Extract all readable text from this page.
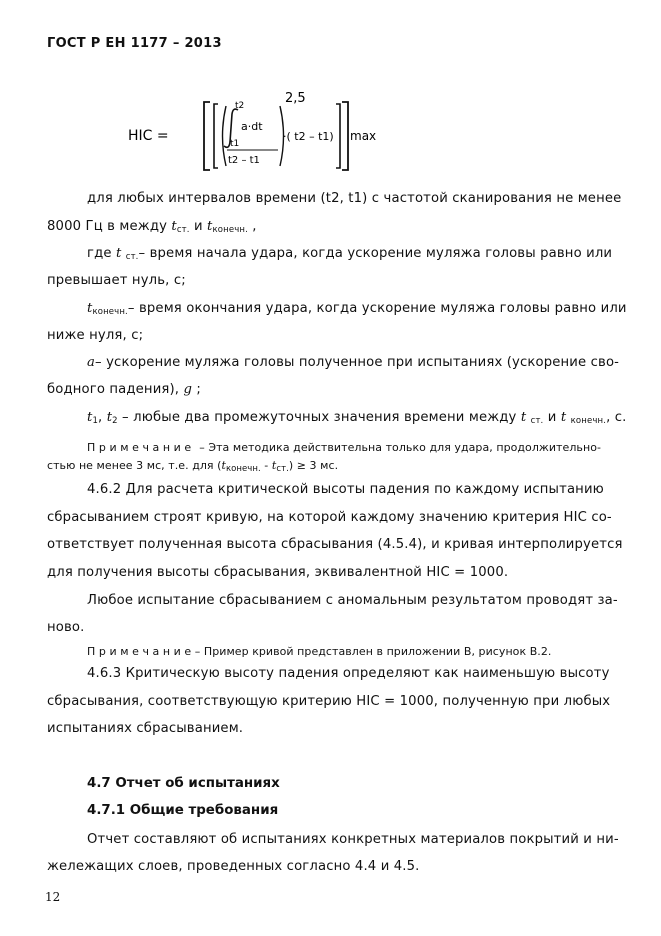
ГОСТ Р ЕН 1177 – 2013
HIC =
t2
t1
a·dt
t2 – t1
·( t2 – t1)
2,5
max
для любых интервалов времени (t2, t1) с частотой сканирования не менее
8000 Гц в между $t_{ст.}$ и $t_{конечн.}$ ,
где t $_{ст.}$ – время начала удара, когда ускорение муляжа головы равно или
превышает нуль, с;
$t_{конечн.}$ – время окончания удара, когда ускорение муляжа головы равно или
ниже нуля, с;
a – ускорение муляжа головы полученное при испытаниях (ускорение сво-
бодного падения), g ;
$t_1$, $t_2$ – любые два промежуточных значения времени между t $_{ст.}$ и t $_{конечн.}$, с.
П р и м е ч а н и е – Эта методика действительна только для удара, продолжительно-
стью не менее 3 мс, т.е. для $(t_{конечн.} - t_{ст.}) \ge 3$ мс.
4.6.2 Для расчета критической высоты падения по каждому испытанию
сбрасыванием строят кривую, на которой каждому значению критерия HIC со-
ответствует полученная высота сбрасывания (4.5.4), и кривая интерполируется
для получения высоты сбрасывания, эквивалентной HIC = 1000.
Любое испытание сбрасыванием с аномальным результатом проводят за-
ново.
П р и м е ч а н и е – Пример кривой представлен в приложении В, рисунок В.2.
4.6.3 Критическую высоту падения определяют как наименьшую высоту
сбрасывания, соответствующую критерию HIC = 1000, полученную при любых
испытаниях сбрасыванием.
4.7 Отчет об испытаниях
4.7.1 Общие требования
Отчет составляют об испытаниях конкретных материалов покрытий и ни-
жележащих слоев, проведенных согласно 4.4 и 4.5.
12
